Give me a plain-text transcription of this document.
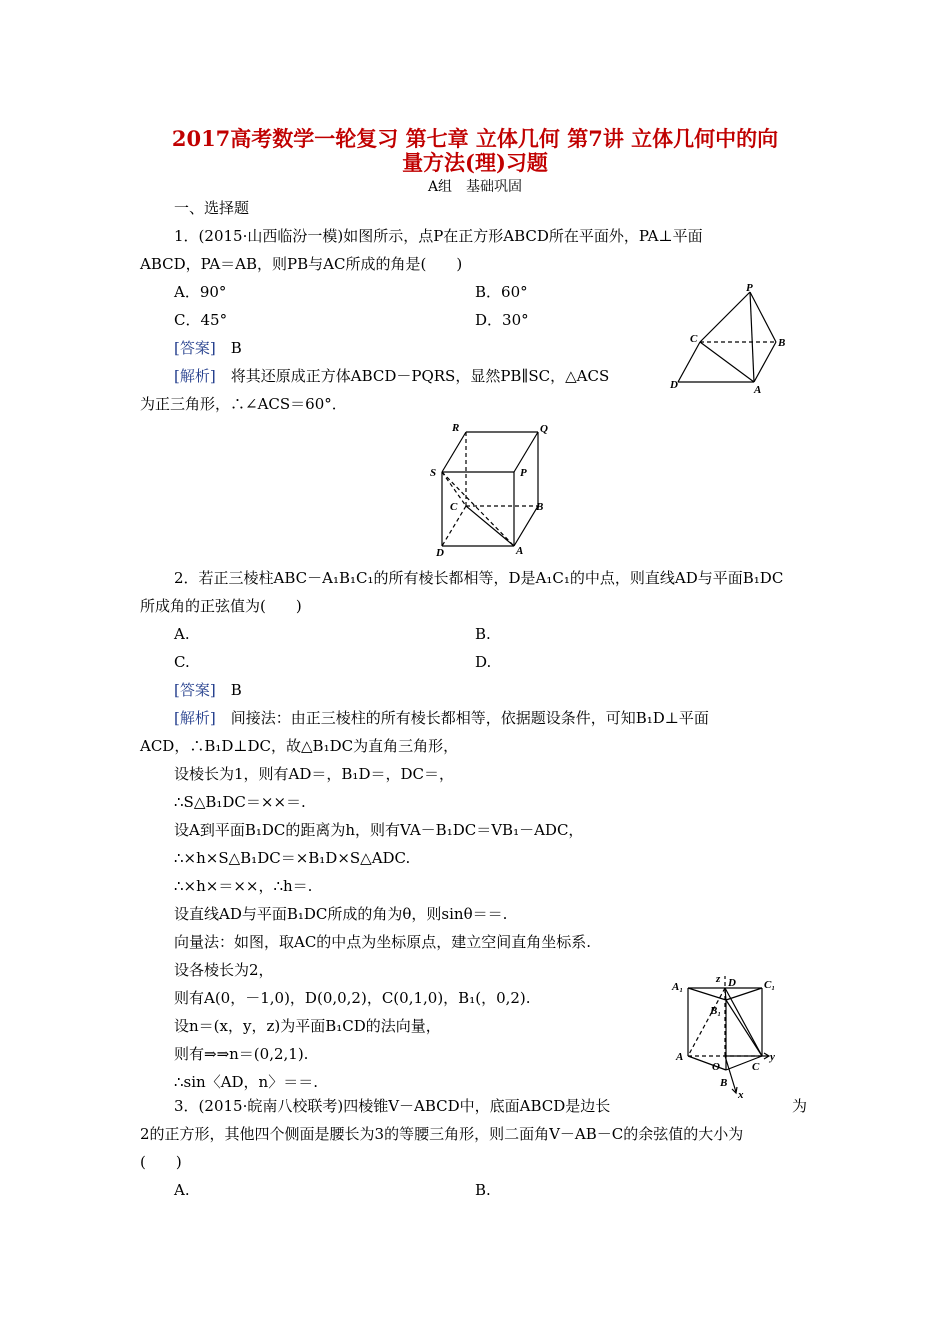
2017高考数学一轮复习 第七章 立体几何 第7讲 立体几何中的向
量方法(理)习题
A组　基础巩固
一、选择题
1．(2015·山西临汾一模)如图所示，点P在正方形ABCD所在平面外，PA⊥平面
ABCD，PA＝AB，则PB与AC所成的角是(　　)
A．90°	B．60°
C．45°	D．30°
[答案]　 B
[解析]　 将其还原成正方体ABCD－PQRS，显然PB∥SC，△ACS
为正三角形，∴∠ACS＝60°．
P
C	B
D	A
R	Q
S	P
C	B
D	A
2．若正三棱柱ABC－A₁B₁C₁的所有棱长都相等，D是A₁C₁的中点，则直线AD与平面B₁DC
所成角的正弦值为(　　)
A.	B.
C.	D.
[答案]　 B
[解析]　 间接法：由正三棱柱的所有棱长都相等，依据题设条件，可知B₁D⊥平面
ACD，∴B₁D⊥DC，故△B₁DC为直角三角形，
设棱长为1，则有AD＝，B₁D＝，DC＝，
∴S△B₁DC＝××＝.
设A到平面B₁DC的距离为h，则有VA－B₁DC＝VB₁－ADC，
∴×h×S△B₁DC＝×B₁D×S△ADC.
∴×h×＝××，∴h＝.
设直线AD与平面B₁DC所成的角为θ，则sinθ＝＝.
向量法：如图，取AC的中点为坐标原点，建立空间直角坐标系.
设各棱长为2，
则有A(0，－1,0)，D(0,0,2)，C(0,1,0)，B₁(，0,2).
设n＝(x，y，z)为平面B₁CD的法向量，
则有⇒⇒n＝(0,2,1).
∴sin〈AD，n〉＝＝.
z D
A₁	C₁
B₁
A
O	C
y
B
x
3．(2015·皖南八校联考)四棱锥V－ABCD中，底面ABCD是边长	为
2的正方形，其他四个侧面是腰长为3的等腰三角形，则二面角V－AB－C的余弦值的大小为
(　　)
A.	B.
